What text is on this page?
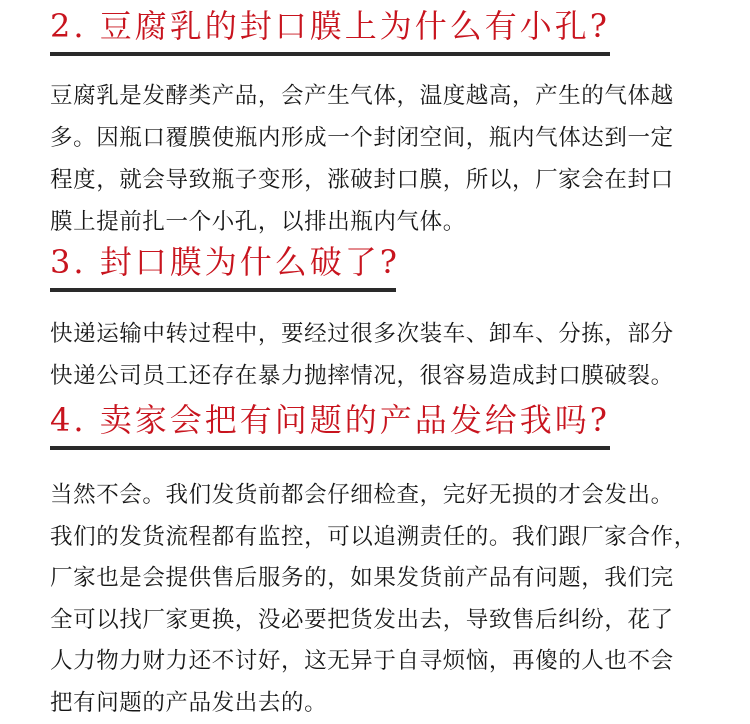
2. 豆腐乳的封口膜上为什么有小孔?
豆腐乳是发酵类产品，会产生气体，温度越高，产生的气体越
多。因瓶口覆膜使瓶内形成一个封闭空间，瓶内气体达到一定
程度，就会导致瓶子变形，涨破封口膜，所以，厂家会在封口
膜上提前扎一个小孔，以排出瓶内气体。
3. 封口膜为什么破了?
快递运输中转过程中，要经过很多次装车、卸车、分拣，部分
快递公司员工还存在暴力抛摔情况，很容易造成封口膜破裂。
4. 卖家会把有问题的产品发给我吗?
当然不会。我们发货前都会仔细检查，完好无损的才会发出。
我们的发货流程都有监控，可以追溯责任的。我们跟厂家合作，
厂家也是会提供售后服务的，如果发货前产品有问题，我们完
全可以找厂家更换，没必要把货发出去，导致售后纠纷，花了
人力物力财力还不讨好，这无异于自寻烦恼，再傻的人也不会
把有问题的产品发出去的。
